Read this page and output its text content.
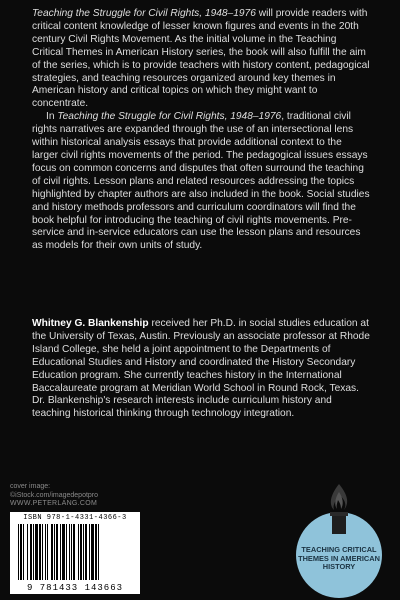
Teaching the Struggle for Civil Rights, 1948–1976 will provide readers with critical content knowledge of lesser known figures and events in the 20th century Civil Rights Movement. As the initial volume in the Teaching Critical Themes in American History series, the book will also fulfill the aim of the series, which is to provide teachers with history content, pedagogical strategies, and teaching resources organized around key themes in American history and critical topics on which they might want to concentrate.

In Teaching the Struggle for Civil Rights, 1948–1976, traditional civil rights narratives are expanded through the use of an intersectional lens within historical analysis essays that provide additional context to the larger civil rights movements of the period. The pedagogical issues essays focus on common concerns and disputes that often surround the teaching of civil rights. Lesson plans and related resources addressing the topics highlighted by chapter authors are also included in the book. Social studies and history methods professors and curriculum coordinators will find the book helpful for introducing the teaching of civil rights movements. Pre-service and in-service educators can use the lesson plans and resources as models for their own units of study.

Whitney G. Blankenship received her Ph.D. in social studies education at the University of Texas, Austin. Previously an associate professor at Rhode Island College, she held a joint appointment to the Departments of Educational Studies and History and coordinated the History Secondary Education program. She currently teaches history in the International Baccalaureate program at Meridian World School in Round Rock, Texas. Dr. Blankenship's research interests include curriculum history and teaching historical thinking through technology integration.
cover image:
©iStock.com/imagedepotpro
WWW.PETERLANG.COM
ISBN 978-1-4331-4366-3
9 781433 143663
TEACHING CRITICAL
THEMES IN AMERICAN
HISTORY
